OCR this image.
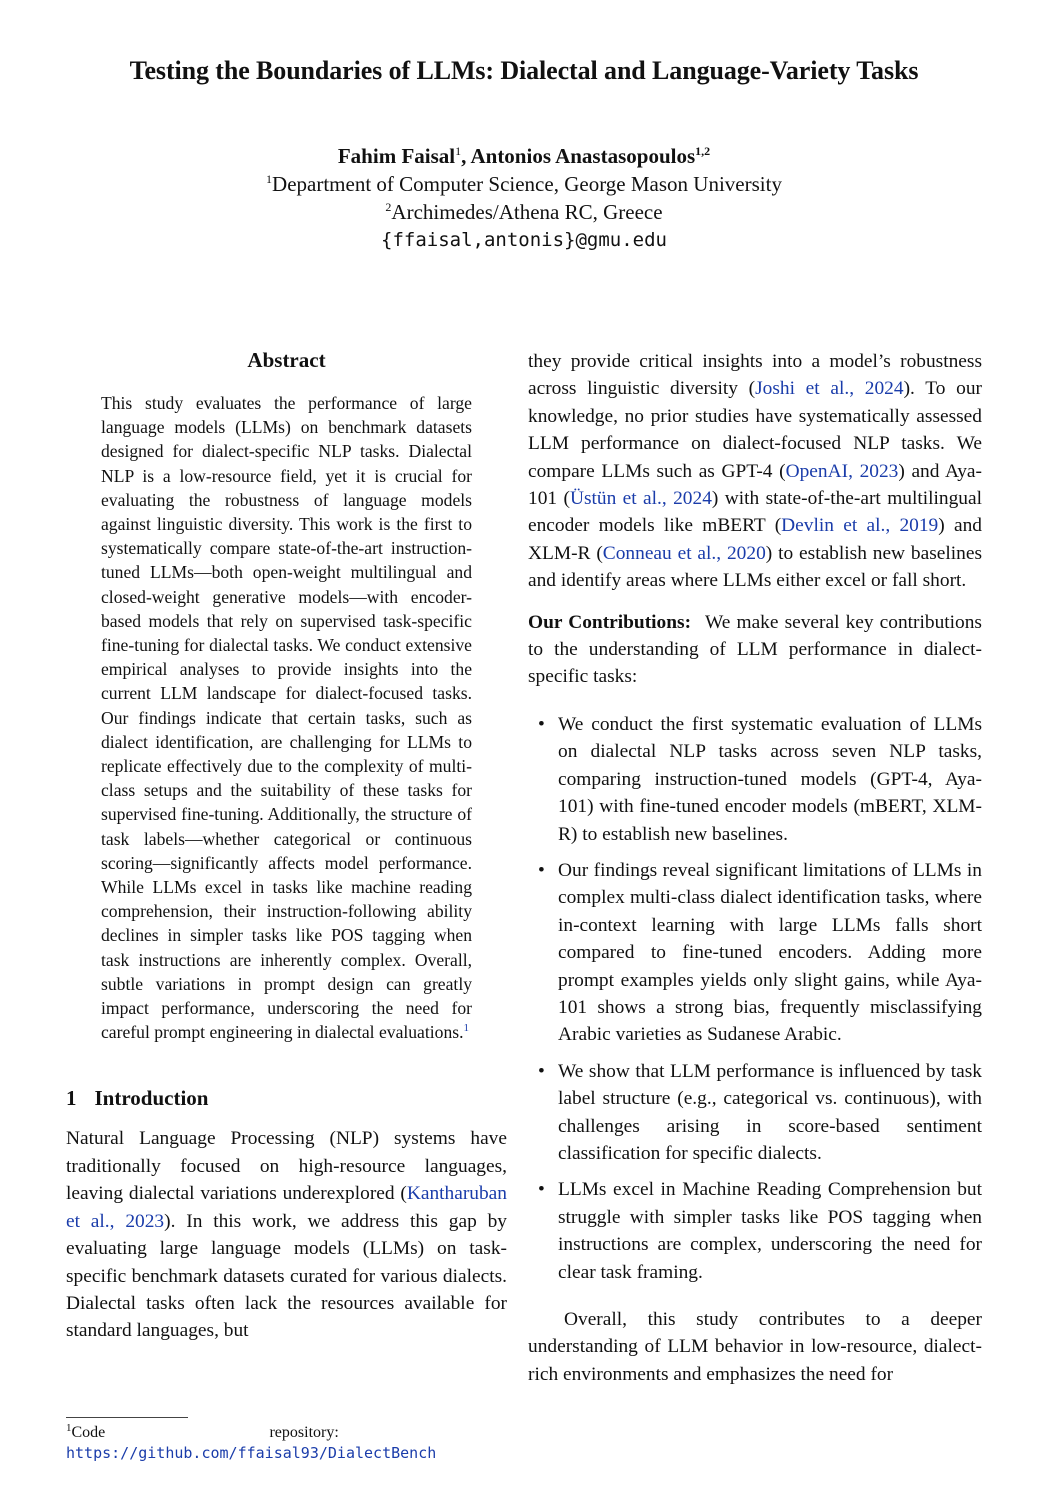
Testing the Boundaries of LLMs: Dialectal and Language-Variety Tasks
Fahim Faisal$^1$, Antonios Anastasopoulos$^{1,2}$
$^1$Department of Computer Science, George Mason University
$^2$Archimedes/Athena RC, Greece
{ffaisal,antonis}@gmu.edu
Abstract
This study evaluates the performance of large language models (LLMs) on benchmark datasets designed for dialect-specific NLP tasks. Dialectal NLP is a low-resource field, yet it is crucial for evaluating the robustness of language models against linguistic diversity. This work is the first to systematically compare state-of-the-art instruction-tuned LLMs—both open-weight multilingual and closed-weight generative models—with encoder-based models that rely on supervised task-specific fine-tuning for dialectal tasks. We conduct extensive empirical analyses to provide insights into the current LLM landscape for dialect-focused tasks. Our findings indicate that certain tasks, such as dialect identification, are challenging for LLMs to replicate effectively due to the complexity of multi-class setups and the suitability of these tasks for supervised fine-tuning. Additionally, the structure of task labels—whether categorical or continuous scoring—significantly affects model performance. While LLMs excel in tasks like machine reading comprehension, their instruction-following ability declines in simpler tasks like POS tagging when task instructions are inherently complex. Overall, subtle variations in prompt design can greatly impact performance, underscoring the need for careful prompt engineering in dialectal evaluations.$^1$
1 Introduction

Natural Language Processing (NLP) systems have traditionally focused on high-resource languages, leaving dialectal variations underexplored (Kantharuban et al., 2023). In this work, we address this gap by evaluating large language models (LLMs) on task-specific benchmark datasets curated for various dialects. Dialectal tasks often lack the resources available for standard languages, but

$^1$Code repository:   https://github.com/ffaisal93/DialectBench

they provide critical insights into a model’s robustness across linguistic diversity (Joshi et al., 2024). To our knowledge, no prior studies have systematically assessed LLM performance on dialect-focused NLP tasks. We compare LLMs such as GPT-4 (OpenAI, 2023) and Aya-101 (Üstün et al., 2024) with state-of-the-art multilingual encoder models like mBERT (Devlin et al., 2019) and XLM-R (Conneau et al., 2020) to establish new baselines and identify areas where LLMs either excel or fall short.

Our Contributions: We make several key contributions to the understanding of LLM performance in dialect-specific tasks:

• We conduct the first systematic evaluation of LLMs on dialectal NLP tasks across seven NLP tasks, comparing instruction-tuned models (GPT-4, Aya-101) with fine-tuned encoder models (mBERT, XLM-R) to establish new baselines.
• Our findings reveal significant limitations of LLMs in complex multi-class dialect identification tasks, where in-context learning with large LLMs falls short compared to fine-tuned encoders. Adding more prompt examples yields only slight gains, while Aya-101 shows a strong bias, frequently misclassifying Arabic varieties as Sudanese Arabic.
• We show that LLM performance is influenced by task label structure (e.g., categorical vs. continuous), with challenges arising in score-based sentiment classification for specific dialects.
• LLMs excel in Machine Reading Comprehension but struggle with simpler tasks like POS tagging when instructions are complex, underscoring the need for clear task framing.

Overall, this study contributes to a deeper understanding of LLM behavior in low-resource, dialect-rich environments and emphasizes the need for
